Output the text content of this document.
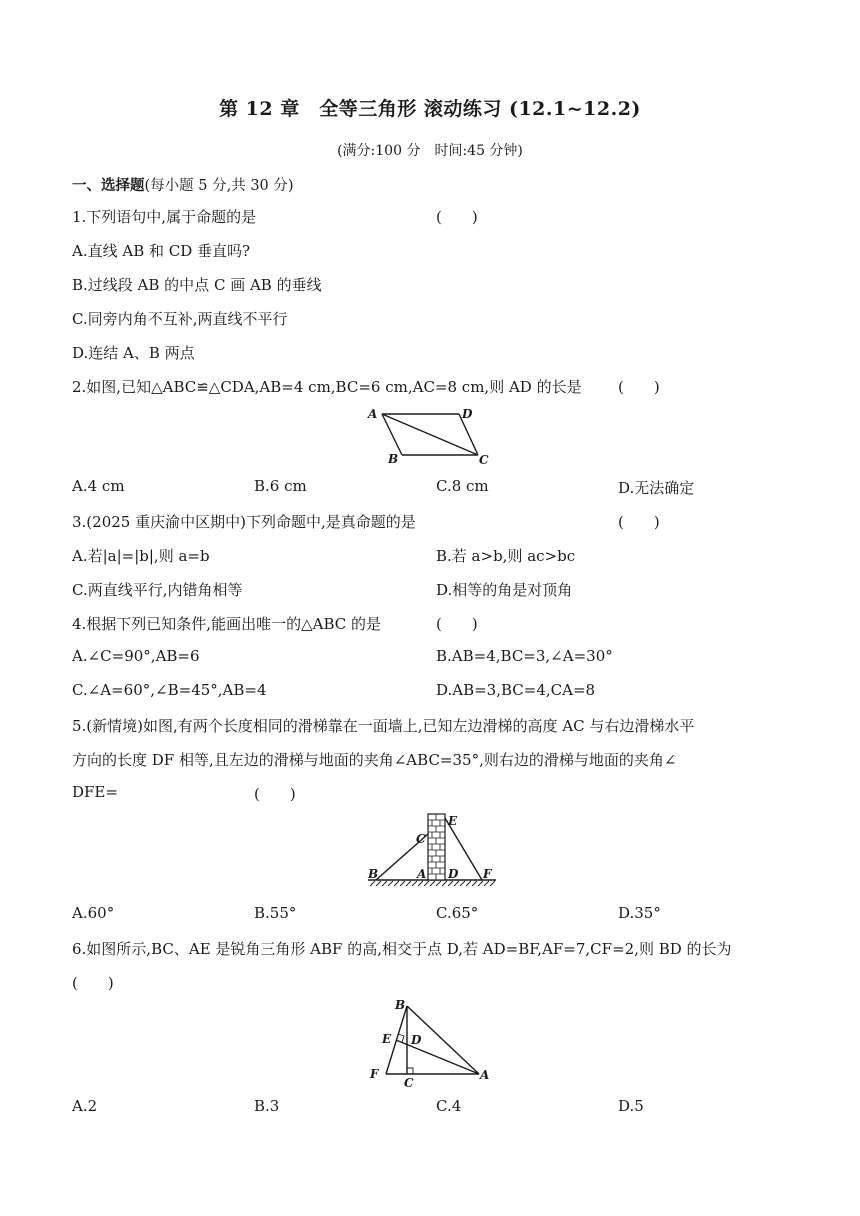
第 12 章　全等三角形 滚动练习 (12.1~12.2)
(满分:100 分　时间:45 分钟)
一、选择题(每小题 5 分,共 30 分)
1.下列语句中,属于命题的是	(　　)
A.直线 AB 和 CD 垂直吗?
B.过线段 AB 的中点 C 画 AB 的垂线
C.同旁内角不互补,两直线不平行
D.连结 A、B 两点
2.如图,已知△ABC≌△CDA,AB=4 cm,BC=6 cm,AC=8 cm,则 AD 的长是 (　　)
A	D
B	C
A.4 cm	B.6 cm	C.8 cm	D.无法确定
3.(2025 重庆渝中区期中)下列命题中,是真命题的是	(　　)
A.若|a|=|b|,则 a=b	B.若 a>b,则 ac>bc
C.两直线平行,内错角相等	D.相等的角是对顶角
4.根据下列已知条件,能画出唯一的△ABC 的是	(　　)
A.∠C=90°,AB=6	B.AB=4,BC=3,∠A=30°
C.∠A=60°,∠B=45°,AB=4	D.AB=3,BC=4,CA=8
5.(新情境)如图,有两个长度相同的滑梯靠在一面墙上,已知左边滑梯的高度 AC 与右边滑梯水平
方向的长度 DF 相等,且左边的滑梯与地面的夹角∠ABC=35°,则右边的滑梯与地面的夹角∠
DFE=	(　　)
E
C
B	A D F
A.60°	B.55°	C.65°	D.35°
6.如图所示,BC、AE 是锐角三角形 ABF 的高,相交于点 D,若 AD=BF,AF=7,CF=2,则 BD 的长为
(　　)
B
E D
F
C
A
A.2	B.3	C.4	D.5
